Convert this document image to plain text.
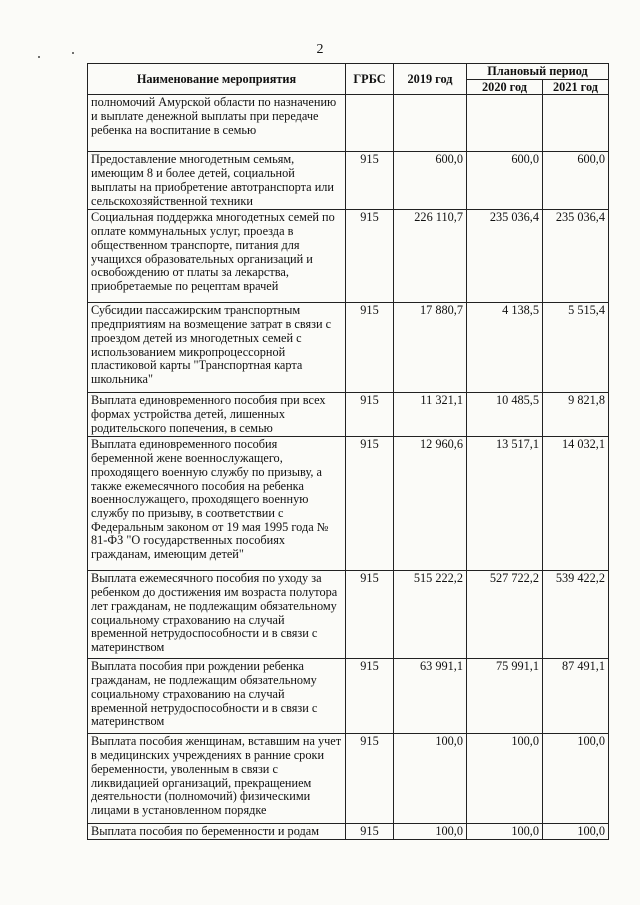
2
Наименование мероприятия	ГРБС	2019 год	Плановый период	
			2020 год	2021 год
полномочий Амурской области по назначению и выплате денежной выплаты при передаче ребенка на воспитание в семью				
Предоставление многодетным семьям, имеющим 8 и более детей, социальной выплаты на приобретение автотранспорта или сельскохозяйственной техники	915	600,0	600,0	600,0
Социальная поддержка многодетных семей по оплате коммунальных услуг, проезда в общественном транспорте, питания для учащихся образовательных организаций и освобождению от платы за лекарства, приобретаемые по рецептам врачей	915	226 110,7	235 036,4	235 036,4
Субсидии пассажирским транспортным предприятиям на возмещение затрат в связи с проездом детей из многодетных семей с использованием микропроцессорной пластиковой карты "Транспортная карта школьника"	915	17 880,7	4 138,5	5 515,4
Выплата единовременного пособия при всех формах устройства детей, лишенных родительского попечения, в семью	915	11 321,1	10 485,5	9 821,8
Выплата единовременного пособия беременной жене военнослужащего, проходящего военную службу по призыву, а также ежемесячного пособия на ребенка военнослужащего, проходящего военную службу по призыву, в соответствии с Федеральным законом от 19 мая 1995 года № 81-ФЗ "О государственных пособиях гражданам, имеющим детей"	915	12 960,6	13 517,1	14 032,1
Выплата ежемесячного пособия по уходу за ребенком до достижения им возраста полутора лет гражданам, не подлежащим обязательному социальному страхованию на случай временной нетрудоспособности и в связи с материнством	915	515 222,2	527 722,2	539 422,2
Выплата пособия при рождении ребенка гражданам, не подлежащим обязательному социальному страхованию на случай временной нетрудоспособности и в связи с материнством	915	63 991,1	75 991,1	87 491,1
Выплата пособия женщинам, вставшим на учет в медицинских учреждениях в ранние сроки беременности, уволенным в связи с ликвидацией организаций, прекращением деятельности (полномочий) физическими лицами в установленном порядке	915	100,0	100,0	100,0
Выплата пособия по беременности и родам	915	100,0	100,0	100,0
